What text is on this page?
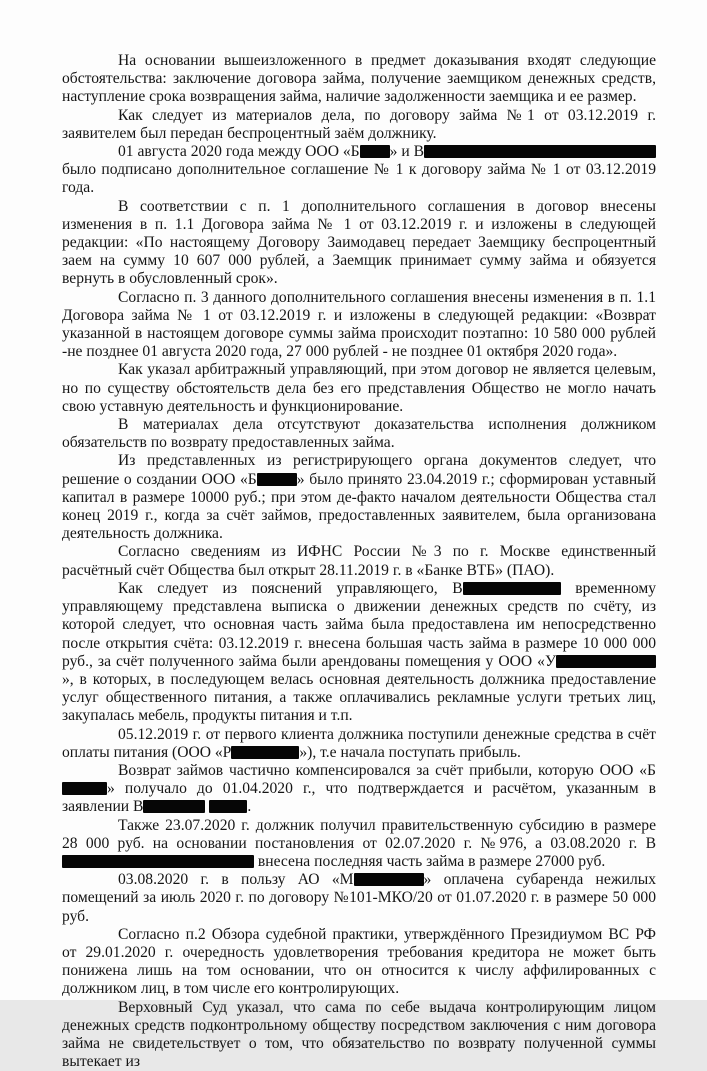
На основании вышеизложенного в предмет доказывания входят следующие обстоятельства: заключение договора займа, получение заемщиком денежных средств, наступление срока возвращения займа, наличие задолженности заемщика и ее размер.

Как следует из материалов дела, по договору займа №1 от 03.12.2019 г. заявителем был передан беспроцентный заём должнику.

01 августа 2020 года между ООО «Б » и В было подписано дополнительное соглашение № 1 к договору займа № 1 от 03.12.2019 года.

В соответствии с п. 1 дополнительного соглашения в договор внесены изменения в п. 1.1 Договора займа № 1 от 03.12.2019 г. и изложены в следующей редакции: «По настоящему Договору Заимодавец передает Заемщику беспроцентный заем на сумму 10 607 000 рублей, а Заемщик принимает сумму займа и обязуется вернуть в обусловленный срок».

Согласно п. 3 данного дополнительного соглашения внесены изменения в п. 1.1 Договора займа № 1 от 03.12.2019 г. и изложены в следующей редакции: «Возврат указанной в настоящем договоре суммы займа происходит поэтапно: 10 580 000 рублей -не позднее 01 августа 2020 года, 27 000 рублей - не позднее 01 октября 2020 года».

Как указал арбитражный управляющий, при этом договор не является целевым, но по существу обстоятельств дела без его представления Общество не могло начать свою уставную деятельность и функционирование.

В материалах дела отсутствуют доказательства исполнения должником обязательств по возврату предоставленных займа.

Из представленных из регистрирующего органа документов следует, что решение о создании ООО «Б	» было принято 23.04.2019 г.; сформирован уставный капитал в размере 10000 руб.; при этом де-факто началом деятельности Общества стал конец 2019 г., когда за счёт займов, предоставленных заявителем, была организована деятельность должника.

Согласно сведениям из ИФНС России №3 по г. Москве единственный расчётный счёт Общества был открыт 28.11.2019 г. в «Банке ВТБ» (ПАО).

Как следует из пояснений управляющего, В	временному управляющему представлена выписка о движении денежных средств по счёту, из которой следует, что основная часть займа была предоставлена им непосредственно после открытия счёта: 03.12.2019 г. внесена большая часть займа в размере 10 000 000 руб., за счёт полученного займа были арендованы помещения у ООО «У», в которых, в последующем велась основная деятельность должника предоставление услуг общественного питания, а также оплачивались рекламные услуги третьих лиц, закупалась мебель, продукты питания и т.п.

05.12.2019 г. от первого клиента должника поступили денежные средства в счёт оплаты питания (ООО «Р	»), т.е начала поступать прибыль.

Возврат займов частично компенсировался за счёт прибыли, которую ООО «Б» получало до 01.04.2020 г., что подтверждается и расчётом, указанным в заявлении В	.

Также 23.07.2020 г. должник получил правительственную субсидию в размере 28 000 руб. на основании постановления от 02.07.2020 г. №976, а 03.08.2020 г. В внесена последняя часть займа в размере 27000 руб.

03.08.2020 г. в пользу АО «М	» оплачена субаренда нежилых помещений за июль 2020 г. по договору №101-МКО/20 от 01.07.2020 г. в размере 50 000 руб.

Согласно п.2 Обзора судебной практики, утверждённого Президиумом ВС РФ от 29.01.2020 г. очередность удовлетворения требования кредитора не может быть понижена лишь на том основании, что он относится к числу аффилированных с должником лиц, в том числе его контролирующих.

Верховный Суд указал, что сама по себе выдача контролирующим лицом денежных средств подконтрольному обществу посредством заключения с ним договора займа не свидетельствует о том, что обязательство по возврату полученной суммы вытекает из
